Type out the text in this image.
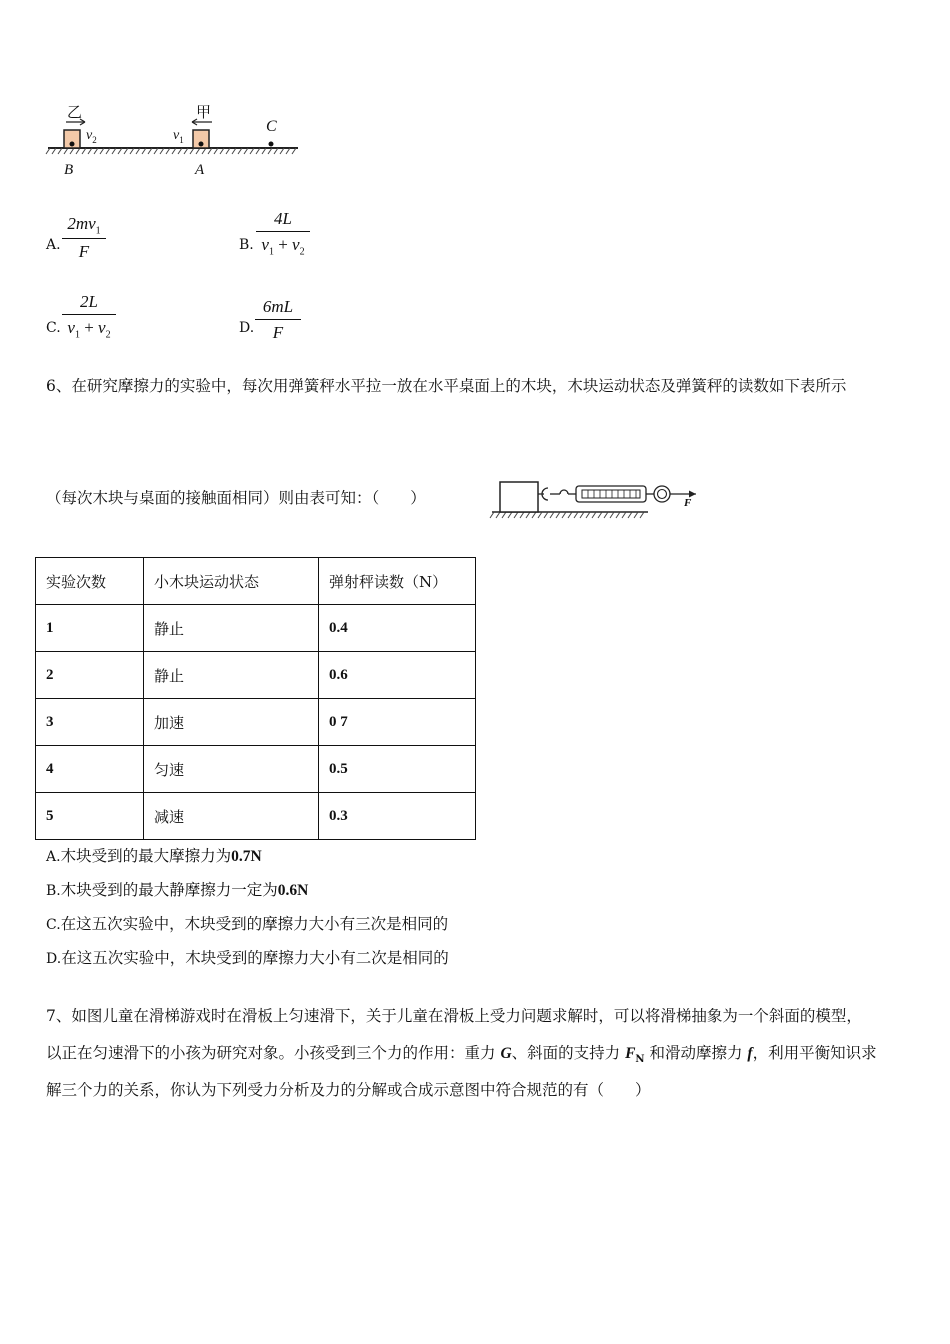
乙	甲
$v_2$	$v_1$
C
B	A
A.
$2mv_1$
F	B.
4L
$v_1 + v_2$
C.
2L
$v_1 + v_2$	D.
6mL
F
6、在研究摩擦力的实验中，每次用弹簧秤水平拉一放在水平桌面上的木块，木块运动状态及弹簧秤的读数如下表所示
（每次木块与桌面的接触面相同）则由表可知：（　　）	F
实验次数	小木块运动状态	弹射秤读数（N）
1	静止	0.4
2	静止	0.6
3	加速	0 7
4	匀速	0.5
5	减速	0.3
A.木块受到的最大摩擦力为0.7N
B.木块受到的最大静摩擦力一定为0.6N
C.在这五次实验中，木块受到的摩擦力大小有三次是相同的
D.在这五次实验中，木块受到的摩擦力大小有二次是相同的
7、如图儿童在滑梯游戏时在滑板上匀速滑下，关于儿童在滑板上受力问题求解时，可以将滑梯抽象为一个斜面的模型，
以正在匀速滑下的小孩为研究对象。小孩受到三个力的作用：重力 G、斜面的支持力 $F_N$ 和滑动摩擦力 f，利用平衡知识求
解三个力的关系，你认为下列受力分析及力的分解或合成示意图中符合规范的有（　　）
